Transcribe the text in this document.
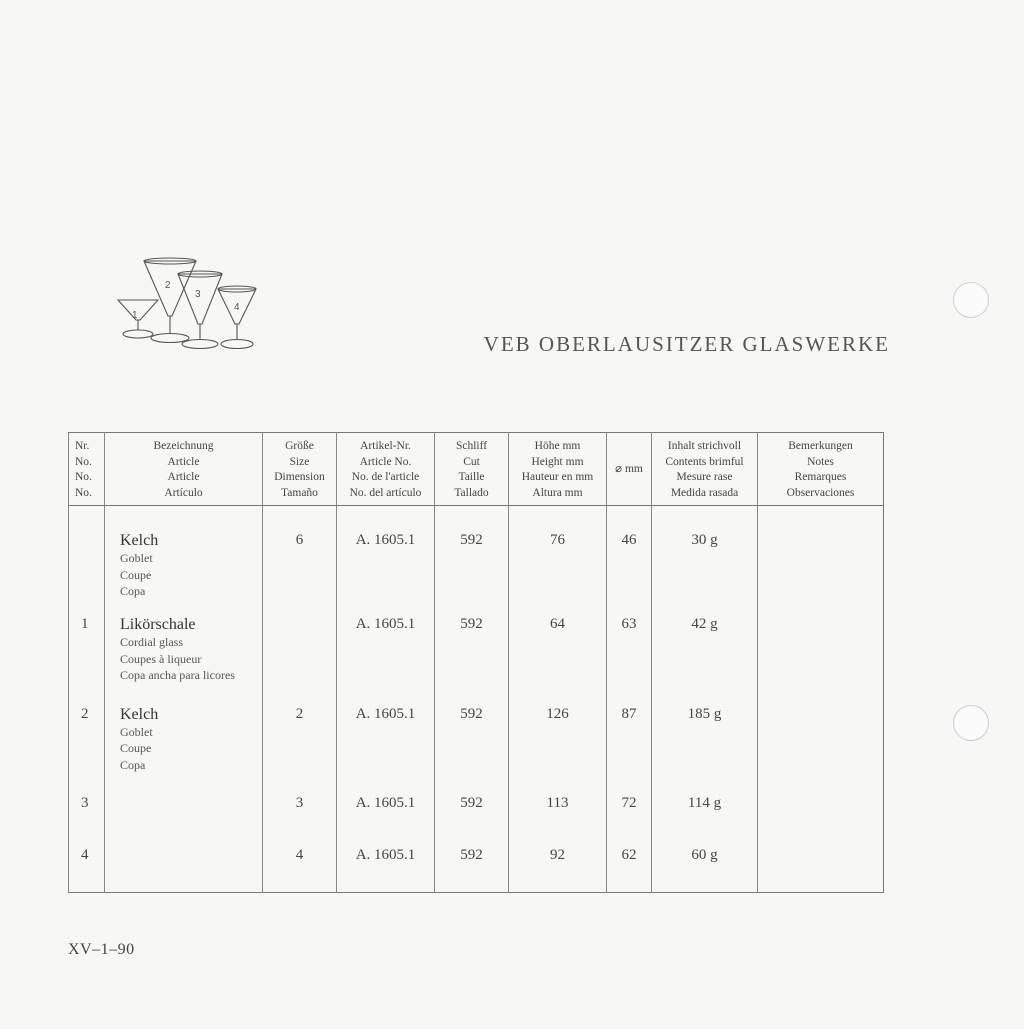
1
2
3
4
VEB OBERLAUSITZER GLASWERKE
Nr.
No.
No.
No.	Bezeichnung
Article
Article
Artículo	Größe
Size
Dimension
Tamaño	Artikel-Nr.
Article No.
No. de l'article
No. del artículo	Schliff
Cut
Taille
Tallado	Höhe mm
Height mm
Hauteur en mm
Altura mm	⌀ mm	Inhalt strichvoll
Contents brimful
Mesure rase
Medida rasada	Bemerkungen
Notes
Remarques
Observaciones

	Kelch
Goblet
Coupe
Copa	6	A. 1605.1	592	76	46	30 g	
1	Likörschale
Cordial glass
Coupes à liqueur
Copa ancha para licores		A. 1605.1	592	64	63	42 g	
2	Kelch
Goblet
Coupe
Copa	2	A. 1605.1	592	126	87	185 g	
3		3	A. 1605.1	592	113	72	114 g	
4		4	A. 1605.1	592	92	62	60 g	
XV–1–90
